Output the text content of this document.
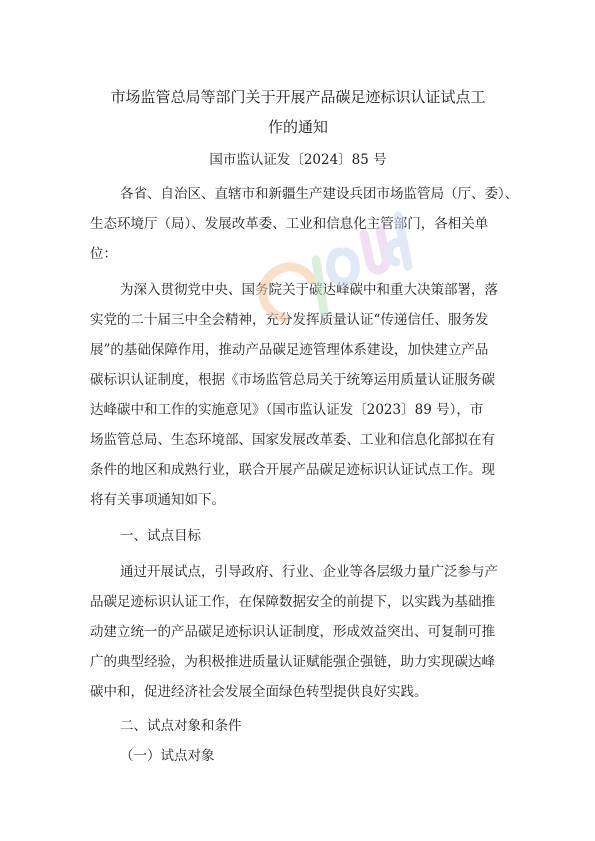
市场监管总局等部门关于开展产品碳足迹标识认证试点工
作的通知
国市监认证发〔2024〕85 号
各省、自治区、直辖市和新疆生产建设兵团市场监管局（厅、委）、
生态环境厅（局）、发展改革委、工业和信息化主管部门，各相关单
位：
为深入贯彻党中央、国务院关于碳达峰碳中和重大决策部署，落
实党的二十届三中全会精神，充分发挥质量认证“传递信任、服务发
展”的基础保障作用，推动产品碳足迹管理体系建设，加快建立产品
碳标识认证制度，根据《市场监管总局关于统筹运用质量认证服务碳
达峰碳中和工作的实施意见》（国市监认证发〔2023〕89 号），市
场监管总局、生态环境部、国家发展改革委、工业和信息化部拟在有
条件的地区和成熟行业，联合开展产品碳足迹标识认证试点工作。现
将有关事项通知如下。
一、试点目标
通过开展试点，引导政府、行业、企业等各层级力量广泛参与产
品碳足迹标识认证工作，在保障数据安全的前提下，以实践为基础推
动建立统一的产品碳足迹标识认证制度，形成效益突出、可复制可推
广的典型经验，为积极推进质量认证赋能强企强链，助力实现碳达峰
碳中和，促进经济社会发展全面绿色转型提供良好实践。
二、试点对象和条件
（一）试点对象
